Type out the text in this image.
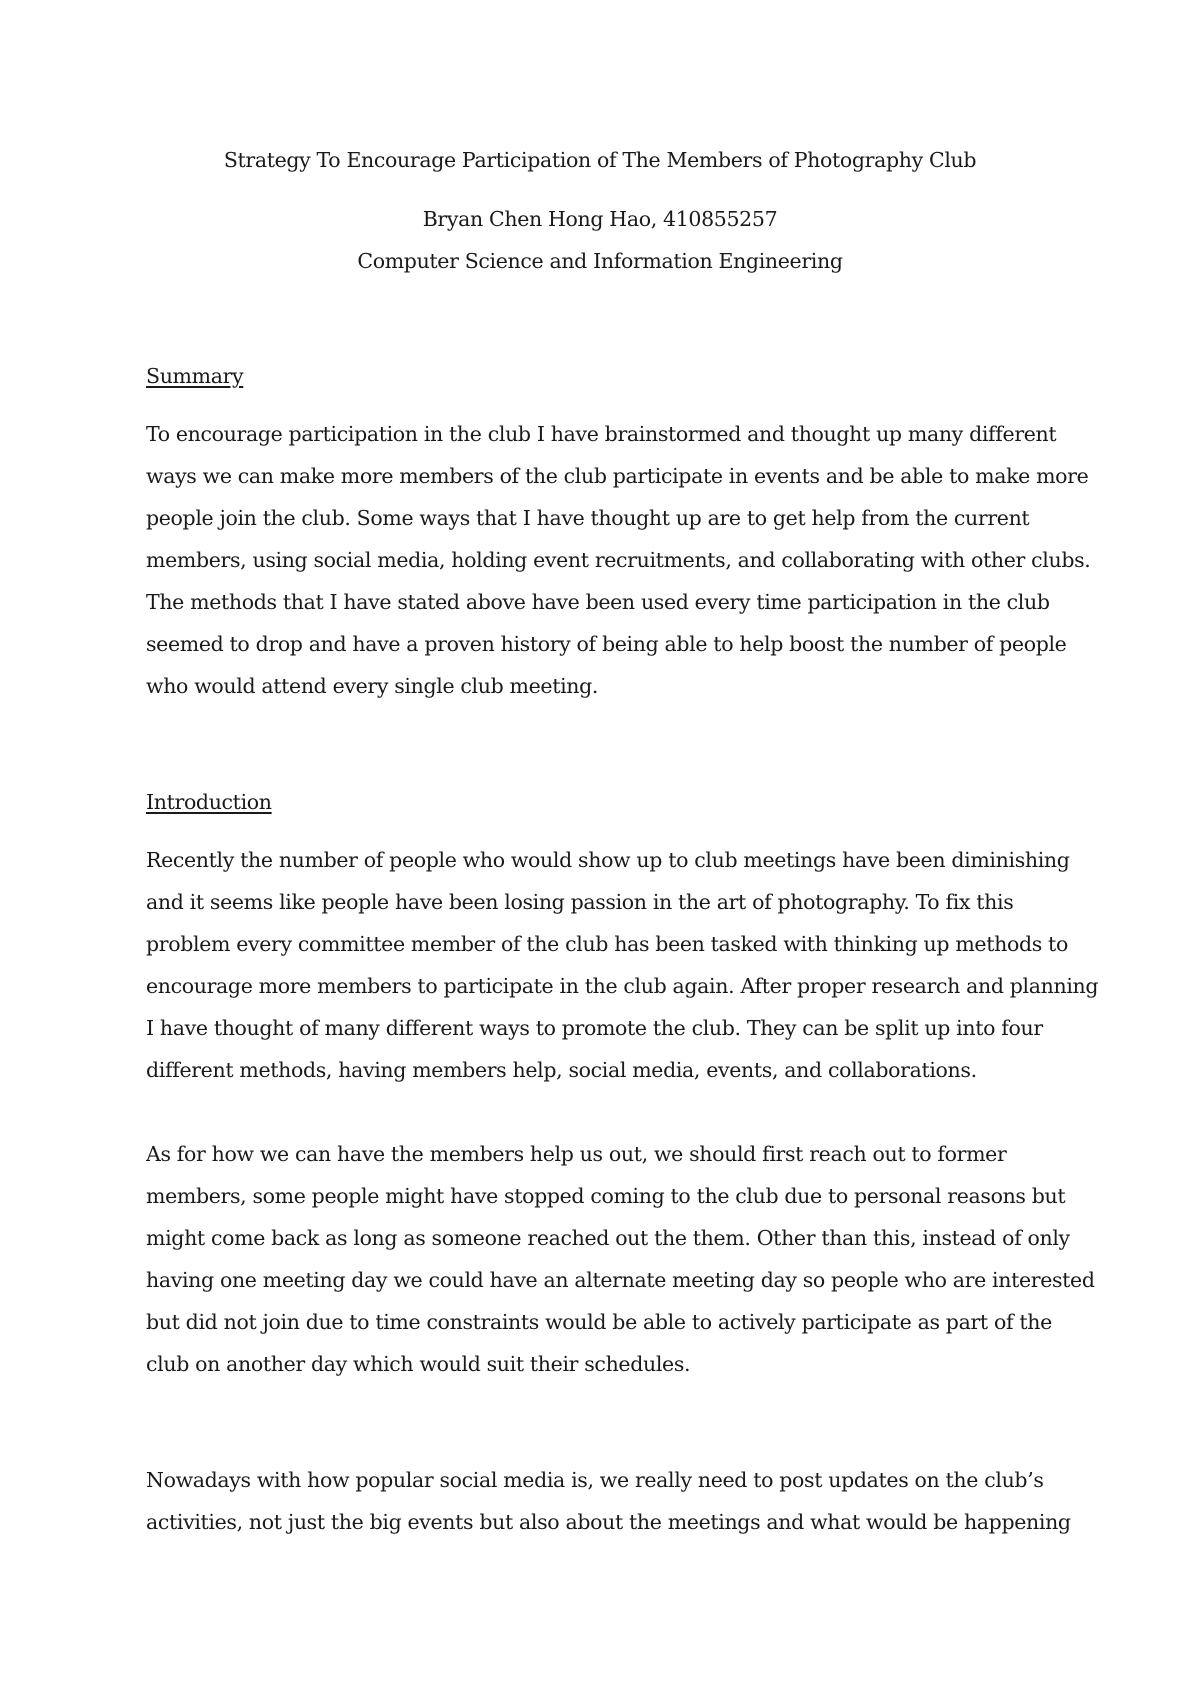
Strategy To Encourage Participation of The Members of Photography Club
Bryan Chen Hong Hao, 410855257
Computer Science and Information Engineering
Summary
To encourage participation in the club I have brainstormed and thought up many different
ways we can make more members of the club participate in events and be able to make more
people join the club. Some ways that I have thought up are to get help from the current
members, using social media, holding event recruitments, and collaborating with other clubs.
The methods that I have stated above have been used every time participation in the club
seemed to drop and have a proven history of being able to help boost the number of people
who would attend every single club meeting.
Introduction
Recently the number of people who would show up to club meetings have been diminishing
and it seems like people have been losing passion in the art of photography. To fix this
problem every committee member of the club has been tasked with thinking up methods to
encourage more members to participate in the club again. After proper research and planning
I have thought of many different ways to promote the club. They can be split up into four
different methods, having members help, social media, events, and collaborations.
As for how we can have the members help us out, we should first reach out to former
members, some people might have stopped coming to the club due to personal reasons but
might come back as long as someone reached out the them. Other than this, instead of only
having one meeting day we could have an alternate meeting day so people who are interested
but did not join due to time constraints would be able to actively participate as part of the
club on another day which would suit their schedules.
Nowadays with how popular social media is, we really need to post updates on the club’s
activities, not just the big events but also about the meetings and what would be happening
